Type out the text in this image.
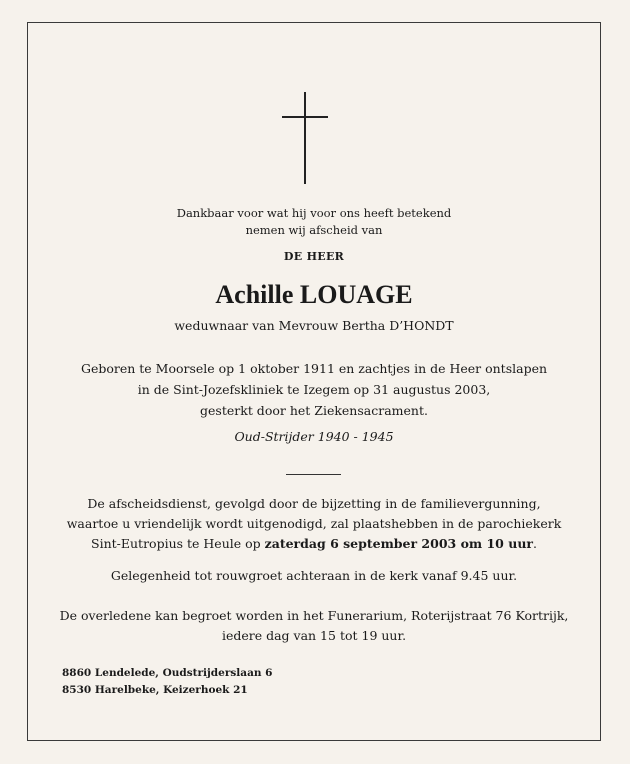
Dankbaar voor wat hij voor ons heeft betekend
nemen wij afscheid van
DE HEER
Achille LOUAGE
weduwnaar van Mevrouw Bertha D’HONDT
Geboren te Moorsele op 1 oktober 1911 en zachtjes in de Heer ontslapen
in de Sint-Jozefskliniek te Izegem op 31 augustus 2003,
gesterkt door het Ziekensacrament.
Oud-Strijder 1940 - 1945
De afscheidsdienst, gevolgd door de bijzetting in de familievergunning,
waartoe u vriendelijk wordt uitgenodigd, zal plaatshebben in de parochiekerk
Sint-Eutropius te Heule op zaterdag 6 september 2003 om 10 uur.
Gelegenheid tot rouwgroet achteraan in de kerk vanaf 9.45 uur.
De overledene kan begroet worden in het Funerarium, Roterijstraat 76 Kortrijk,
iedere dag van 15 tot 19 uur.
8860 Lendelede, Oudstrijderslaan 6
8530 Harelbeke, Keizerhoek 21
